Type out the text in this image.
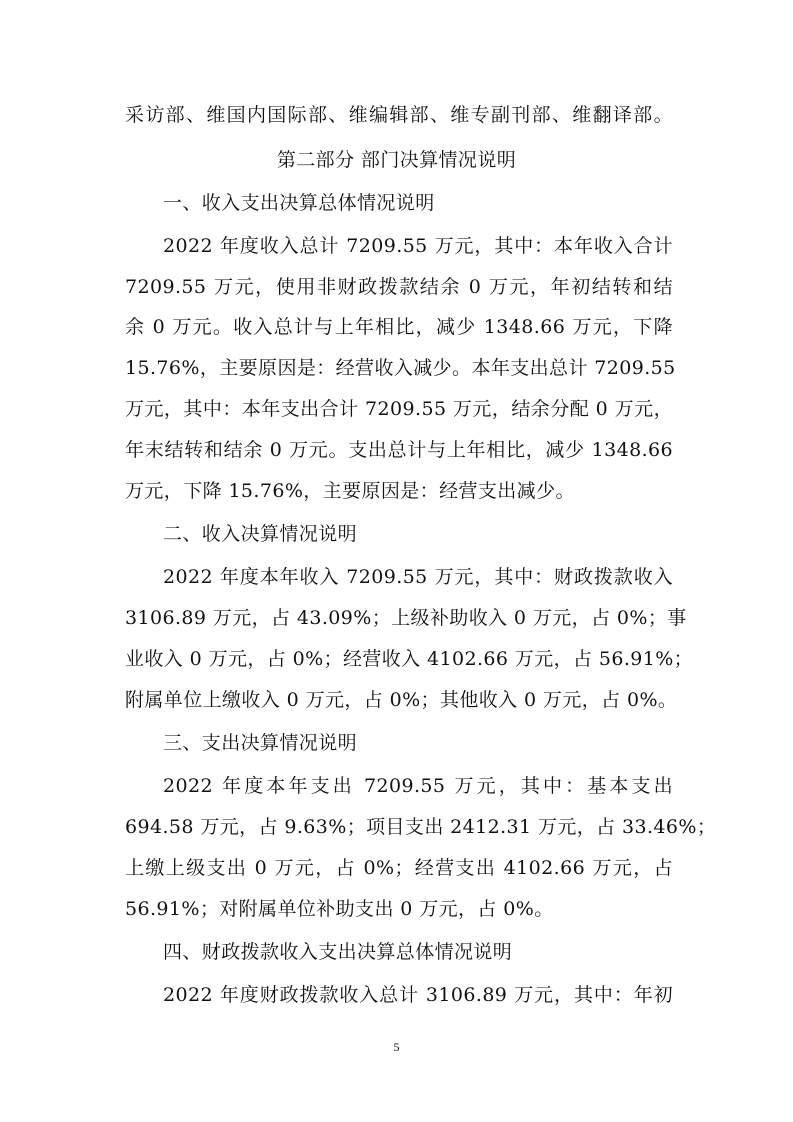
采访部、维国内国际部、维编辑部、维专副刊部、维翻译部。
第二部分 部门决算情况说明
一、收入支出决算总体情况说明
2022 年度收入总计 7209.55 万元，其中：本年收入合计
7209.55 万元，使用非财政拨款结余 0 万元，年初结转和结
余 0 万元。收入总计与上年相比，减少 1348.66 万元，下降
15.76%，主要原因是：经营收入减少。本年支出总计 7209.55
万元，其中：本年支出合计 7209.55 万元，结余分配 0 万元，
年末结转和结余 0 万元。支出总计与上年相比，减少 1348.66
万元，下降 15.76%，主要原因是：经营支出减少。
二、收入决算情况说明
2022 年度本年收入 7209.55 万元，其中：财政拨款收入
3106.89 万元，占 43.09%；上级补助收入 0 万元，占 0%；事
业收入 0 万元，占 0%；经营收入 4102.66 万元，占 56.91%；
附属单位上缴收入 0 万元，占 0%；其他收入 0 万元，占 0%。
三、支出决算情况说明
2022 年度本年支出 7209.55 万元，其中：基本支出
694.58 万元，占 9.63%；项目支出 2412.31 万元，占 33.46%；
上缴上级支出 0 万元，占 0%；经营支出 4102.66 万元，占
56.91%；对附属单位补助支出 0 万元，占 0%。
四、财政拨款收入支出决算总体情况说明
2022 年度财政拨款收入总计 3106.89 万元，其中：年初
5
